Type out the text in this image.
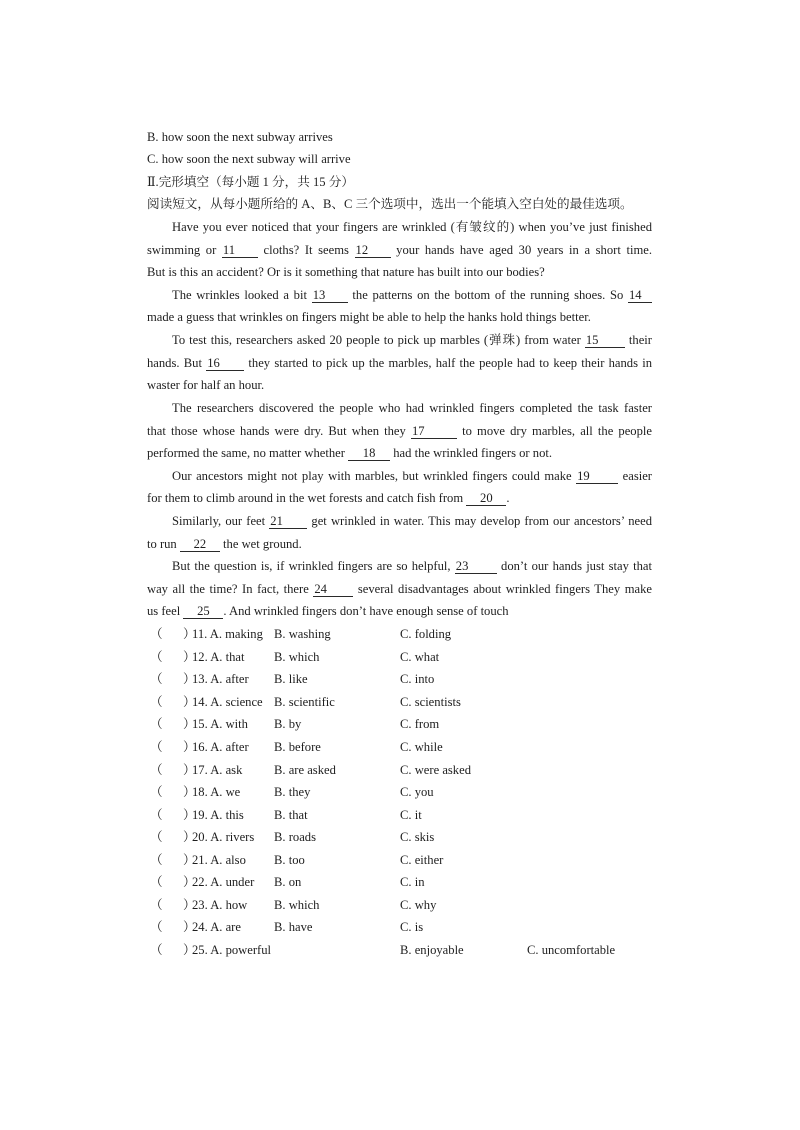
B. how soon the next subway arrives
C. how soon the next subway will arrive
Ⅱ.完形填空（每小题 1 分，共 15 分）
阅读短文，从每小题所给的 A、B、C 三个选项中，选出一个能填入空白处的最佳选项。
Have you ever noticed that your fingers are wrinkled (有皱纹的) when you’ve just finished
swimming or 11 cloths? It seems 12 your hands have aged 30 years in a short time.
But is this an accident? Or is it something that nature has built into our bodies?
The wrinkles looked a bit 13 the patterns on the bottom of the running shoes. So 14
made a guess that wrinkles on fingers might be able to help the hanks hold things better.
To test this, researchers asked 20 people to pick up marbles (弹珠) from water 15 their
hands. But 16 they started to pick up the marbles, half the people had to keep their hands in
waster for half an hour.
The researchers discovered the people who had wrinkled fingers completed the task faster
that those whose hands were dry. But when they 17	to move dry marbles, all the people
performed the same, no matter whether 18 had the wrinkled fingers or not.
Our ancestors might not play with marbles, but wrinkled fingers could make 19	easier
for them to climb around in the wet forests and catch fish from 20 .
Similarly, our feet 21 get wrinkled in water. This may develop from our ancestors’ need
to run 22 the wet ground.
But the question is, if wrinkled fingers are so helpful, 23	don’t our hands just stay that
way all the time? In fact, there 24 several disadvantages about wrinkled fingers They make
us feel 25 . And wrinkled fingers don’t have enough sense of touch
（ ）
11. A. making B. washing	C. folding
（ ）
12. A. that B. which	C. what
（ ）
13. A. after B. like	C. into
（ ）
14. A. science B. scientific	C. scientists
（ ）
15. A. with B. by	C. from
（ ）
16. A. after B. before	C. while
（ ）
17. A. ask	B. are asked	C. were asked
（ ）
18. A. we	B. they	C. you
（ ）
19. A. this B. that	C. it
（ ）
20. A. rivers B. roads	C. skis
（ ）
21. A. also B. too	C. either
（ ）
22. A. under B. on	C. in
（ ）
23. A. how B. which	C. why
（ ）
24. A. are	B. have	C. is
（ ）
25. A. powerful	B. enjoyable	C. uncomfortable
